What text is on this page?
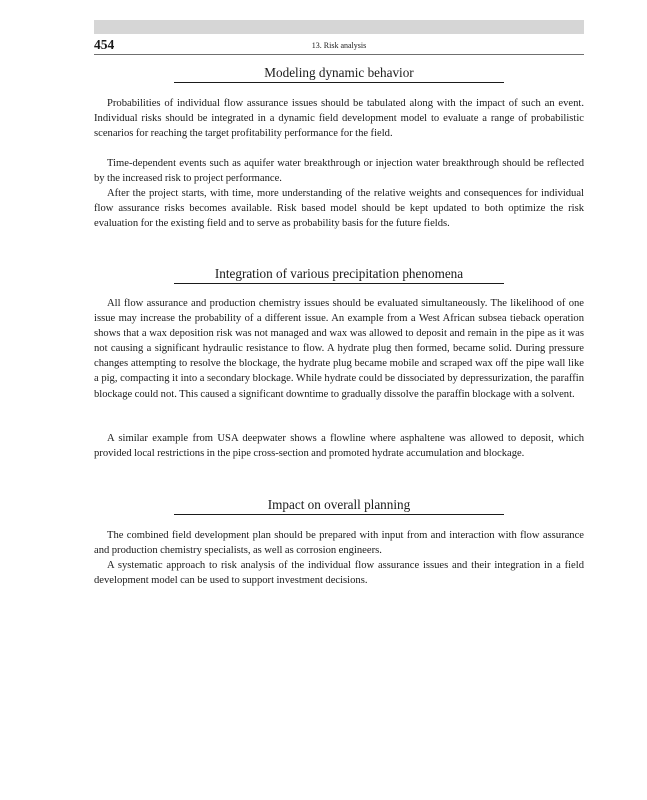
454	13. Risk analysis
Modeling dynamic behavior

Probabilities of individual flow assurance issues should be tabulated along with the impact of such an event. Individual risks should be integrated in a dynamic field development model to evaluate a range of probabilistic scenarios for reaching the target profitability performance for the field.

Time-dependent events such as aquifer water breakthrough or injection water breakthrough should be reflected by the increased risk to project performance.

After the project starts, with time, more understanding of the relative weights and consequences for individual flow assurance risks becomes available. Risk based model should be kept updated to both optimize the risk evaluation for the existing field and to serve as probability basis for the future fields.

Integration of various precipitation phenomena

All flow assurance and production chemistry issues should be evaluated simultaneously. The likelihood of one issue may increase the probability of a different issue. An example from a West African subsea tieback operation shows that a wax deposition risk was not managed and wax was allowed to deposit and remain in the pipe as it was not causing a significant hydraulic resistance to flow. A hydrate plug then formed, became solid. During pressure changes attempting to resolve the blockage, the hydrate plug became mobile and scraped wax off the pipe wall like a pig, compacting it into a secondary blockage. While hydrate could be dissociated by depressurization, the paraffin blockage could not. This caused a significant downtime to gradually dissolve the paraffin blockage with a solvent.

A similar example from USA deepwater shows a flowline where asphaltene was allowed to deposit, which provided local restrictions in the pipe cross-section and promoted hydrate accumulation and blockage.

Impact on overall planning

The combined field development plan should be prepared with input from and interaction with flow assurance and production chemistry specialists, as well as corrosion engineers.

A systematic approach to risk analysis of the individual flow assurance issues and their integration in a field development model can be used to support investment decisions.
